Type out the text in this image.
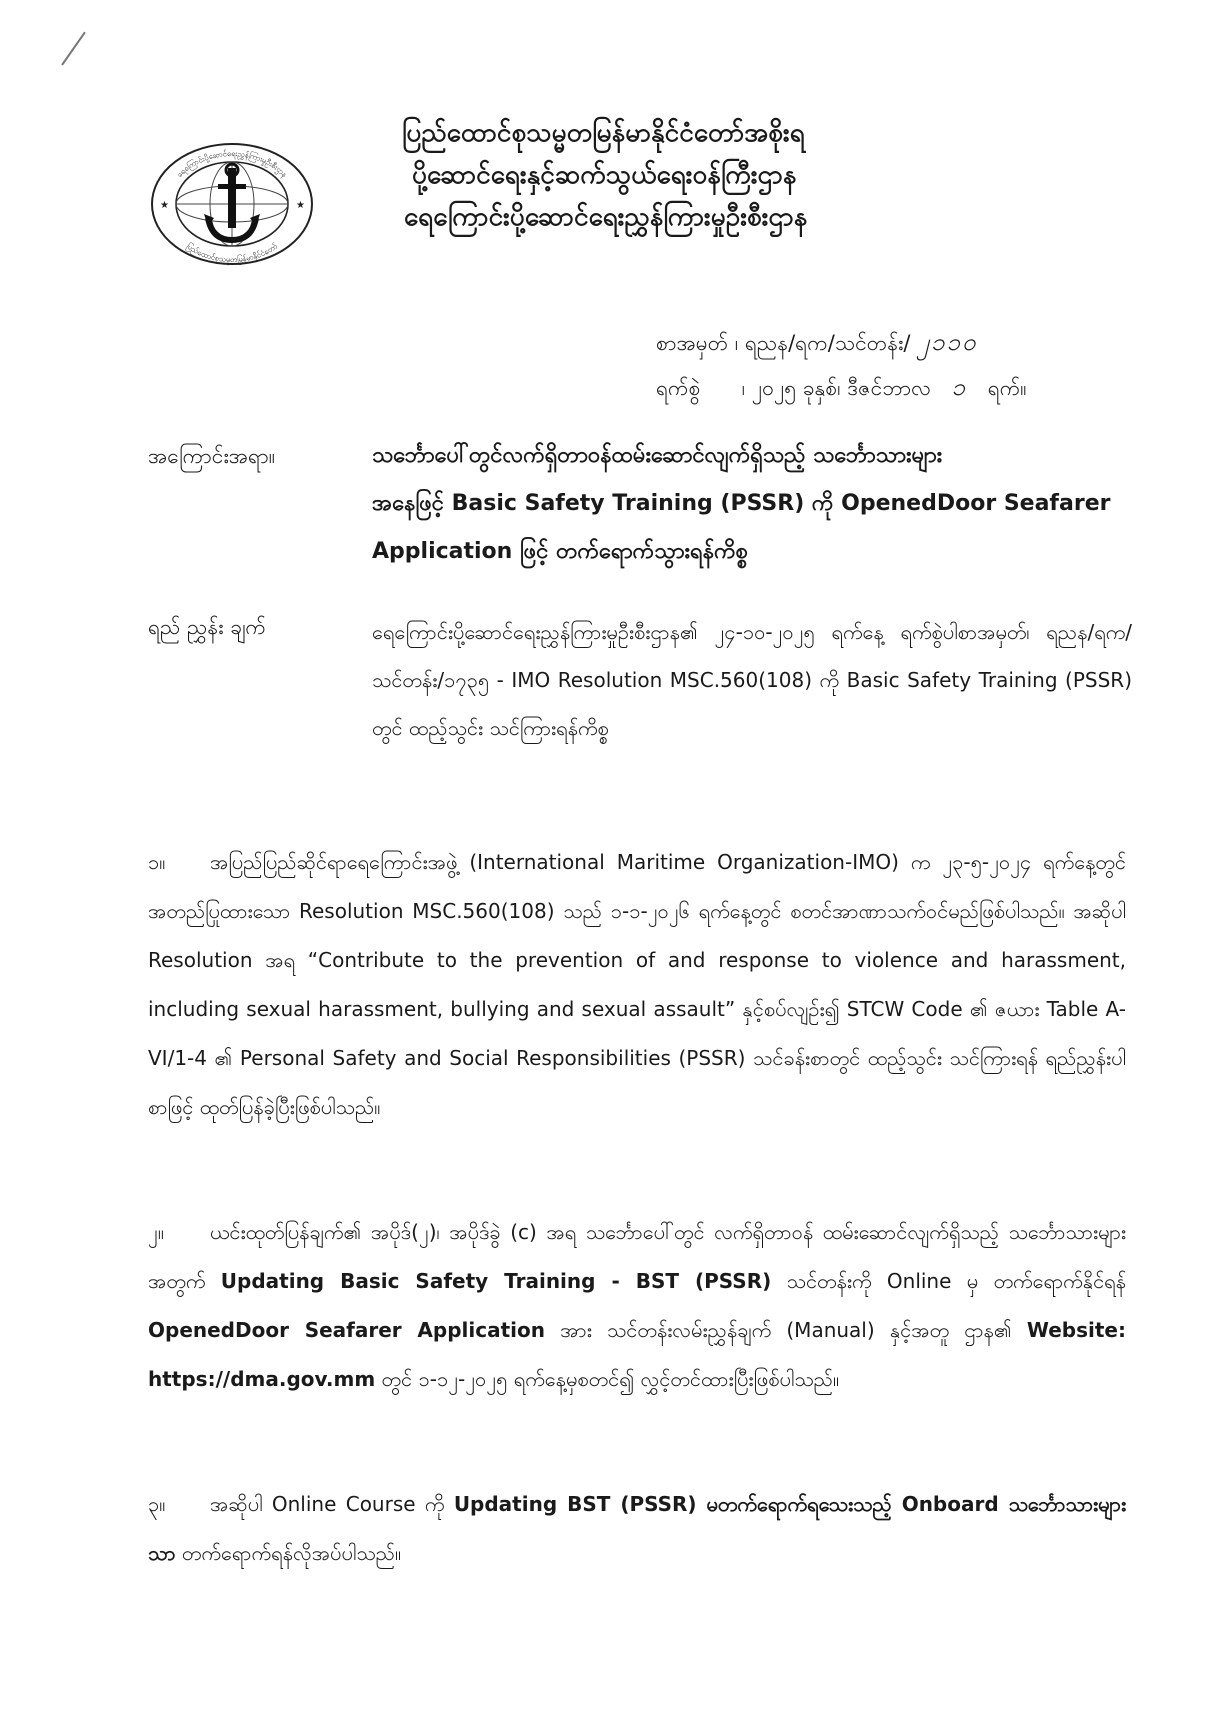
ရေကြောင်းပို့ဆောင်ရေးညွှန်ကြားမှုဦးစီးဌာန
ပြည်ထောင်စုသမ္မတမြန်မာနိုင်ငံတော်
★	★
ပြည်ထောင်စုသမ္မတမြန်မာနိုင်ငံတော်အစိုးရ
ပို့ဆောင်ရေးနှင့်ဆက်သွယ်ရေးဝန်ကြီးဌာန
ရေကြောင်းပို့ဆောင်ရေးညွှန်ကြားမှုဦးစီးဌာန
စာအမှတ် ၊ ရညန/ရက/သင်တန်း/ ၂၁၁၀
ရက်စွဲ ၊ ၂၀၂၅ ခုနှစ်၊ ဒီဇင်ဘာလ ၁ ရက်။
အကြောင်းအရာ။	သင်္ဘောပေါ်တွင်လက်ရှိတာဝန်ထမ်းဆောင်လျက်ရှိသည့် သင်္ဘောသားများ
အနေဖြင့် Basic Safety Training (PSSR) ကို OpenedDoor Seafarer
Application ဖြင့် တက်ရောက်သွားရန်ကိစ္စ
ရည် ညွှန်း ချက်	ရေကြောင်းပို့ဆောင်ရေးညွှန်ကြားမှုဦးစီးဌာန၏ ၂၄-၁၀-၂၀၂၅ ရက်နေ့ ရက်စွဲပါစာအမှတ်၊ ရညန/ရက/သင်တန်း/၁၇၃၅ - IMO Resolution MSC.560(108) ကို Basic Safety Training (PSSR) တွင် ထည့်သွင်း သင်ကြားရန်ကိစ္စ
၁။ အပြည်ပြည်ဆိုင်ရာရေကြောင်းအဖွဲ့ (International Maritime Organization-IMO) က ၂၃-၅-၂၀၂၄ ရက်နေ့တွင် အတည်ပြုထားသော Resolution MSC.560(108) သည် ၁-၁-၂၀၂၆ ရက်နေ့တွင် စတင်အာဏာသက်ဝင်မည်ဖြစ်ပါသည်။ အဆိုပါ Resolution အရ “Contribute to the prevention of and response to violence and harassment, including sexual harassment, bullying and sexual assault” နှင့်စပ်လျဉ်း၍ STCW Code ၏ ဇယား Table A-VI/1-4 ၏ Personal Safety and Social Responsibilities (PSSR) သင်ခန်းစာတွင် ထည့်သွင်း သင်ကြားရန် ရည်ညွှန်းပါစာဖြင့် ထုတ်ပြန်ခဲ့ပြီးဖြစ်ပါသည်။
၂။ ယင်းထုတ်ပြန်ချက်၏ အပိုဒ်(၂)၊ အပိုဒ်ခွဲ (c) အရ သင်္ဘောပေါ်တွင် လက်ရှိတာဝန် ထမ်းဆောင်လျက်ရှိသည့် သင်္ဘောသားများအတွက် Updating Basic Safety Training - BST (PSSR) သင်တန်းကို Online မှ တက်ရောက်နိုင်ရန် OpenedDoor Seafarer Application အား သင်တန်းလမ်းညွှန်ချက် (Manual) နှင့်အတူ ဌာန၏ Website: https://dma.gov.mm တွင် ၁-၁၂-၂၀၂၅ ရက်နေ့မှစတင်၍ လွှင့်တင်ထားပြီးဖြစ်ပါသည်။
၃။ အဆိုပါ Online Course ကို Updating BST (PSSR) မတက်ရောက်ရသေးသည့် Onboard သင်္ဘောသားများသာ တက်ရောက်ရန်လိုအပ်ပါသည်။
